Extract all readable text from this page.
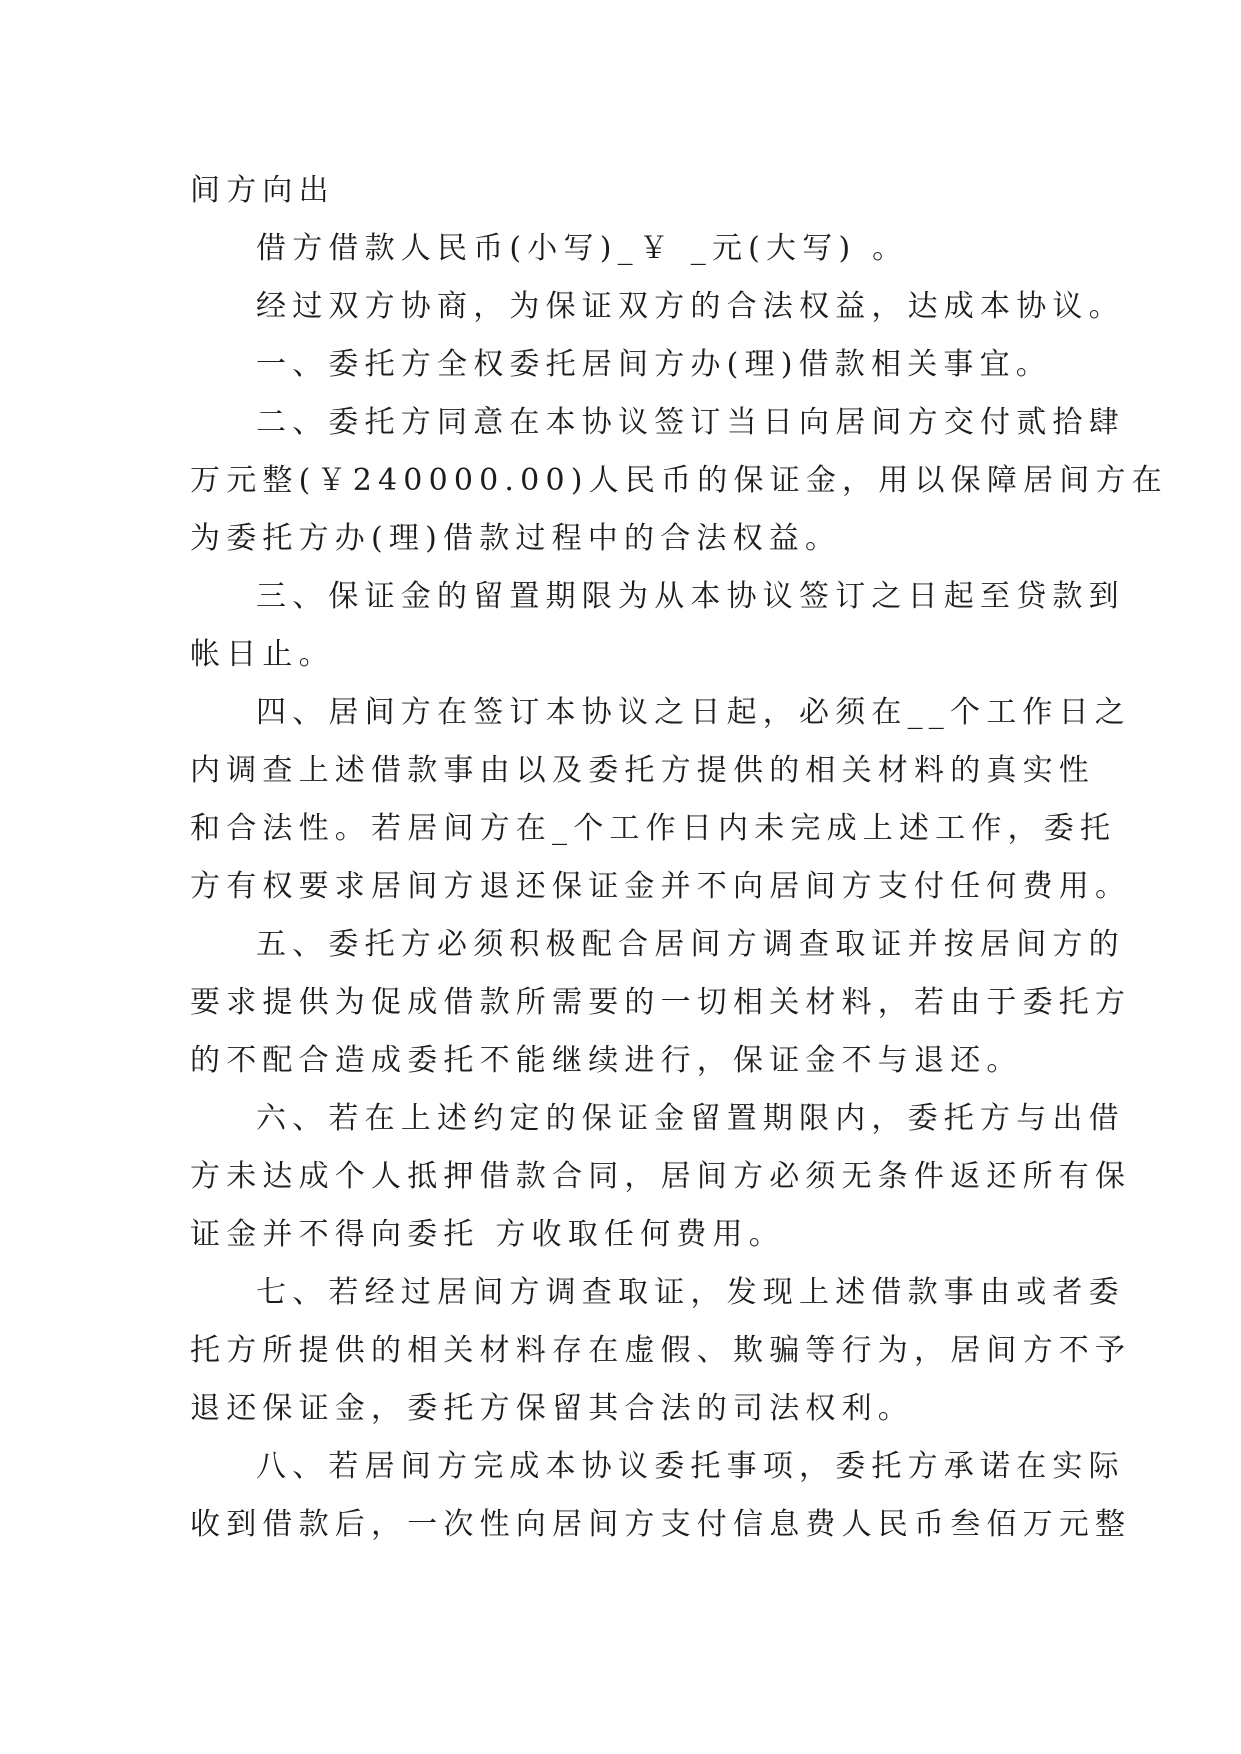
间方向出
借方借款人民币(小写)_￥ _元(大写) 。
经过双方协商，为保证双方的合法权益，达成本协议。
一、委托方全权委托居间方办(理)借款相关事宜。
二、委托方同意在本协议签订当日向居间方交付贰拾肆
万元整(￥240000.00)人民币的保证金，用以保障居间方在
为委托方办(理)借款过程中的合法权益。
三、保证金的留置期限为从本协议签订之日起至贷款到
帐日止。
四、居间方在签订本协议之日起，必须在__个工作日之
内调查上述借款事由以及委托方提供的相关材料的真实性
和合法性。若居间方在_个工作日内未完成上述工作，委托
方有权要求居间方退还保证金并不向居间方支付任何费用。
五、委托方必须积极配合居间方调查取证并按居间方的
要求提供为促成借款所需要的一切相关材料，若由于委托方
的不配合造成委托不能继续进行，保证金不与退还。
六、若在上述约定的保证金留置期限内，委托方与出借
方未达成个人抵押借款合同，居间方必须无条件返还所有保
证金并不得向委托 方收取任何费用。
七、若经过居间方调查取证，发现上述借款事由或者委
托方所提供的相关材料存在虚假、欺骗等行为，居间方不予
退还保证金，委托方保留其合法的司法权利。
八、若居间方完成本协议委托事项，委托方承诺在实际
收到借款后，一次性向居间方支付信息费人民币叁佰万元整
